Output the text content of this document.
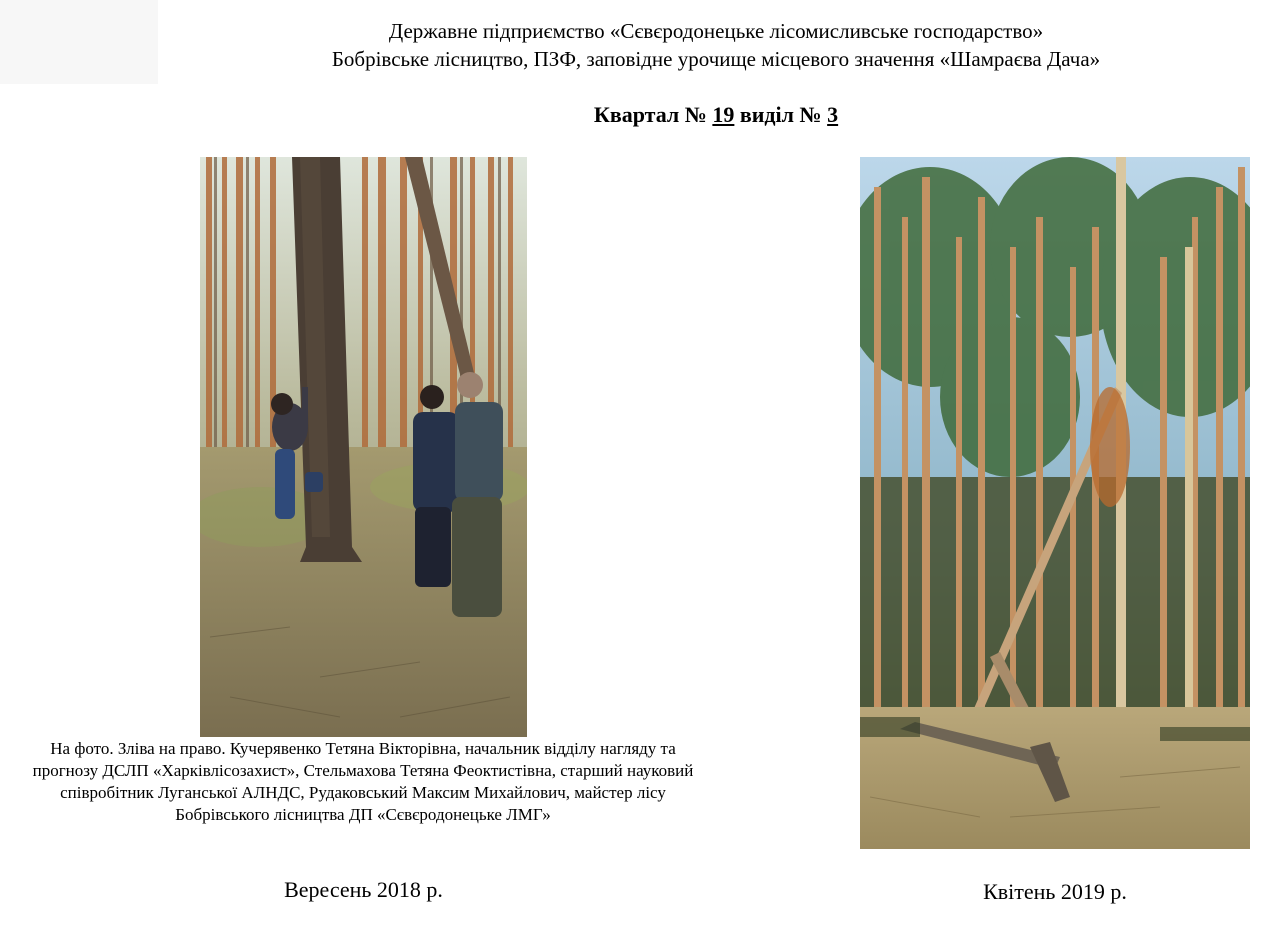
Державне підприємство «Сєвєродонецьке лісомисливське господарство»
Бобрівське лісництво, ПЗФ, заповідне урочище місцевого значення «Шамраєва Дача»
Квартал № 19 виділ № 3
На фото. Зліва на право. Кучерявенко Тетяна Вікторівна, начальник відділу нагляду та прогнозу ДСЛП «Харківлісозахист», Стельмахова Тетяна Феоктистівна, старший науковий співробітник Луганської АЛНДС, Рудаковський Максим Михайлович, майстер лісу Бобрівського лісництва ДП «Сєвєродонецьке ЛМГ»
Вересень 2018 р.	Квітень 2019 р.
